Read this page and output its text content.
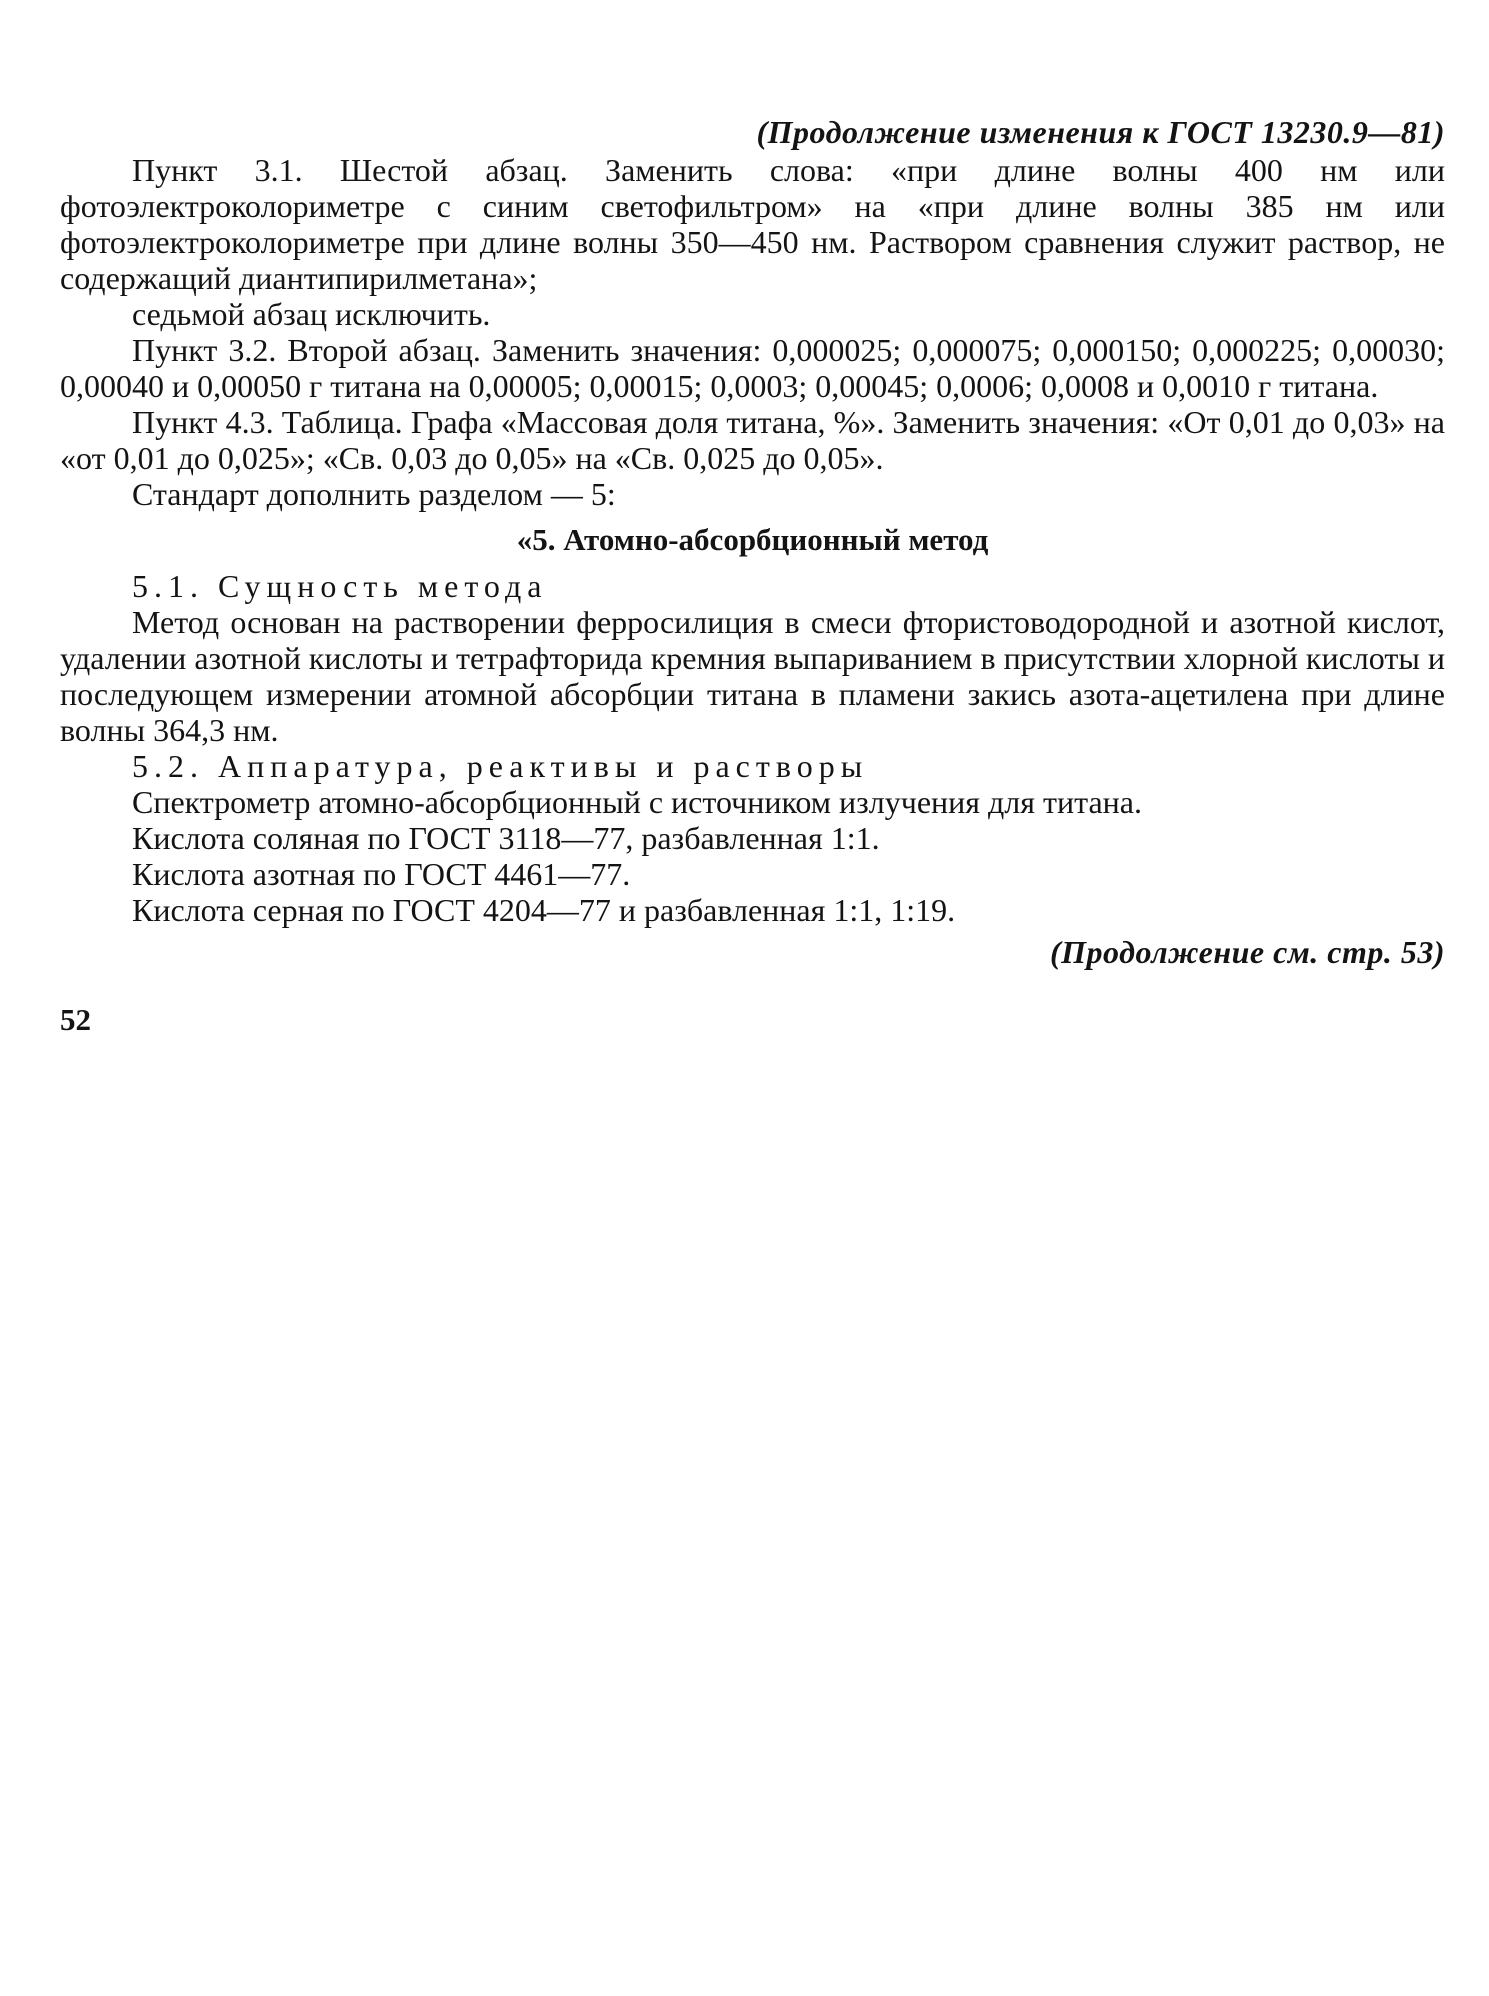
(Продолжение изменения к ГОСТ 13230.9—81)

Пункт 3.1. Шестой абзац. Заменить слова: «при длине волны 400 нм или фотоэлектроколориметре с синим светофильтром» на «при длине волны 385 нм или фотоэлектроколориметре при длине волны 350—450 нм. Раствором сравнения служит раствор, не содержащий диантипирилметана»;

седьмой абзац исключить.

Пункт 3.2. Второй абзац. Заменить значения: 0,000025; 0,000075; 0,000150; 0,000225; 0,00030; 0,00040 и 0,00050 г титана на 0,00005; 0,00015; 0,0003; 0,00045; 0,0006; 0,0008 и 0,0010 г титана.

Пункт 4.3. Таблица. Графа «Массовая доля титана, %». Заменить значения: «От 0,01 до 0,03» на «от 0,01 до 0,025»; «Св. 0,03 до 0,05» на «Св. 0,025 до 0,05».

Стандарт дополнить разделом — 5:

«5. Атомно-абсорбционный метод

5.1. Сущность метода

Метод основан на растворении ферросилиция в смеси фтористоводородной и азотной кислот, удалении азотной кислоты и тетрафторида кремния выпариванием в присутствии хлорной кислоты и последующем измерении атомной абсорбции титана в пламени закись азота-ацетилена при длине волны 364,3 нм.

5.2. Аппаратура, реактивы и растворы

Спектрометр атомно-абсорбционный с источником излучения для титана.

Кислота соляная по ГОСТ 3118—77, разбавленная 1:1.

Кислота азотная по ГОСТ 4461—77.

Кислота серная по ГОСТ 4204—77 и разбавленная 1:1, 1:19.

(Продолжение см. стр. 53)

52
